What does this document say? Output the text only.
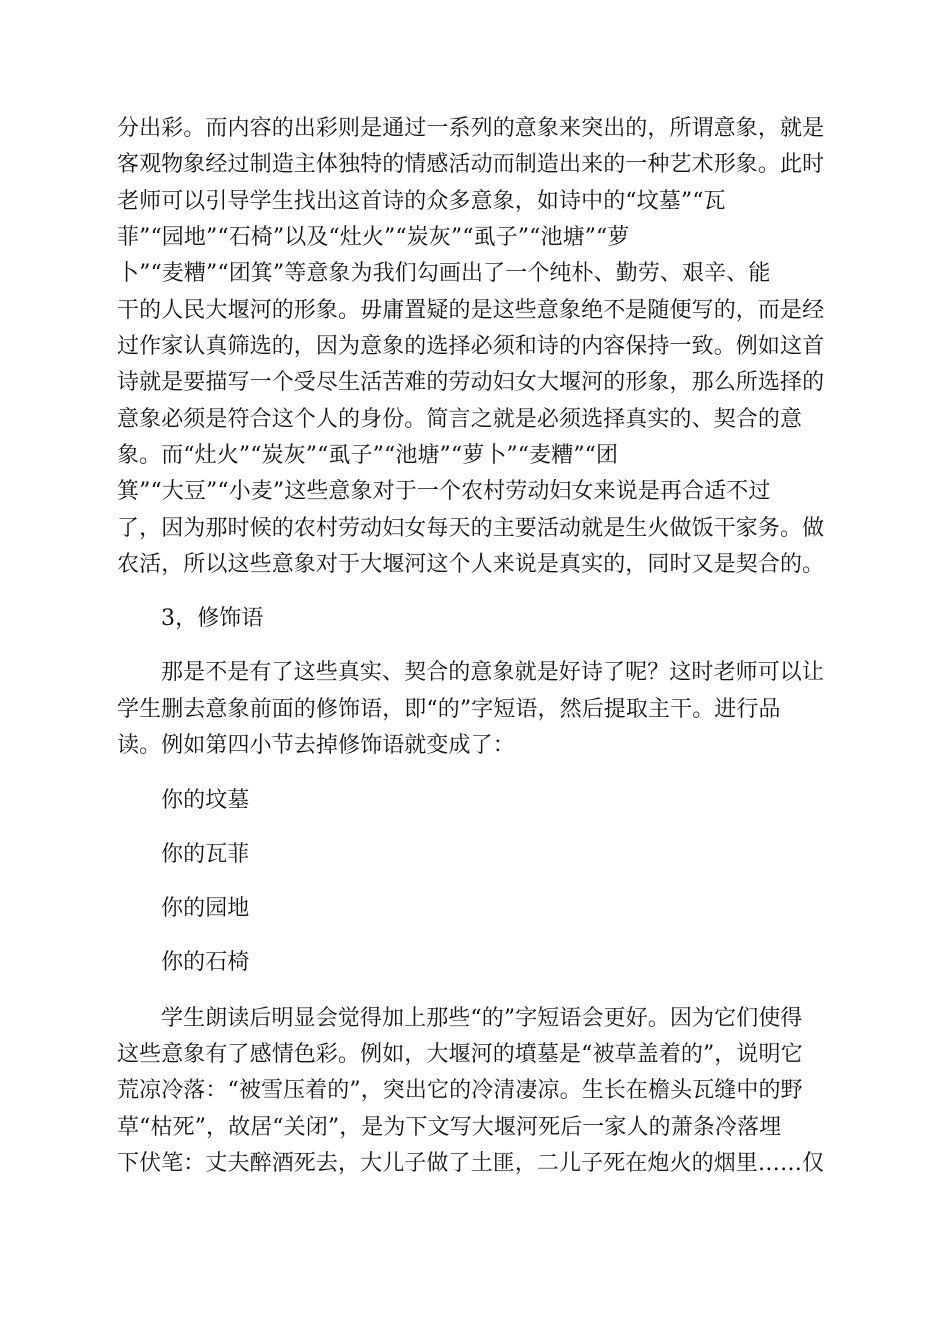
分出彩。而内容的出彩则是通过一系列的意象来突出的，所谓意象，就是
客观物象经过制造主体独特的情感活动而制造出来的一种艺术形象。此时
老师可以引导学生找出这首诗的众多意象，如诗中的“坟墓”“瓦
菲”“园地”“石椅”以及“灶火”“炭灰”“虱子”“池塘”“萝
卜”“麦糟”“团箕”等意象为我们勾画出了一个纯朴、勤劳、艰辛、能
干的人民大堰河的形象。毋庸置疑的是这些意象绝不是随便写的，而是经
过作家认真筛选的，因为意象的选择必须和诗的内容保持一致。例如这首
诗就是要描写一个受尽生活苦难的劳动妇女大堰河的形象，那么所选择的
意象必须是符合这个人的身份。简言之就是必须选择真实的、契合的意
象。而“灶火”“炭灰”“虱子”“池塘”“萝卜”“麦糟”“团
箕”“大豆”“小麦”这些意象对于一个农村劳动妇女来说是再合适不过
了，因为那时候的农村劳动妇女每天的主要活动就是生火做饭干家务。做
农活，所以这些意象对于大堰河这个人来说是真实的，同时又是契合的。
3，修饰语
那是不是有了这些真实、契合的意象就是好诗了呢？这时老师可以让
学生删去意象前面的修饰语，即“的”字短语，然后提取主干。进行品
读。例如第四小节去掉修饰语就变成了：
你的坟墓
你的瓦菲
你的园地
你的石椅
学生朗读后明显会觉得加上那些“的”字短语会更好。因为它们使得
这些意象有了感情色彩。例如，大堰河的墳墓是“被草盖着的”，说明它
荒凉冷落：“被雪压着的”，突出它的冷清凄凉。生长在檐头瓦缝中的野
草“枯死”，故居“关闭”，是为下文写大堰河死后一家人的萧条冷落埋
下伏笔：丈夫醉酒死去，大儿子做了土匪，二儿子死在炮火的烟里……仅
